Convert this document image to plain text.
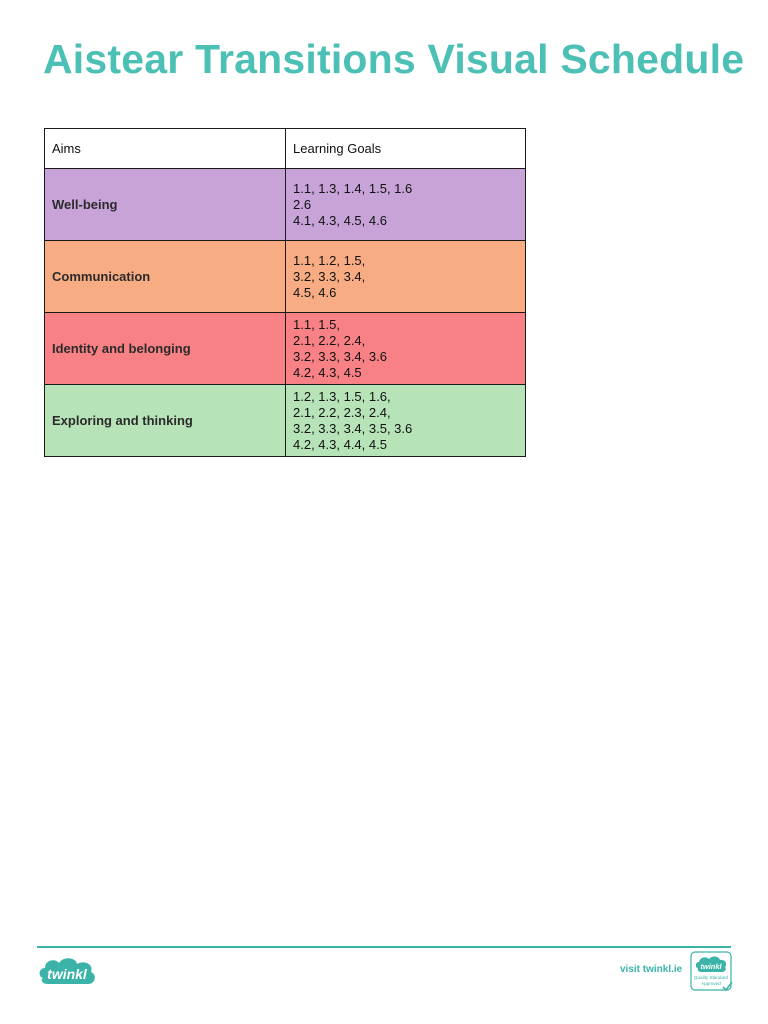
Aistear Transitions Visual Schedule
Aims	Learning Goals
Well-being	1.1, 1.3, 1.4, 1.5, 1.6
2.6
4.1, 4.3, 4.5, 4.6

Communication	1.1, 1.2, 1.5,
3.2, 3.3, 3.4,
4.5, 4.6

Identity and belonging	1.1, 1.5,
2.1, 2.2, 2.4,
3.2, 3.3, 3.4, 3.6
4.2, 4.3, 4.5

Exploring and thinking	1.2, 1.3, 1.5, 1.6,
2.1, 2.2, 2.3, 2.4,
3.2, 3.3, 3.4, 3.5, 3.6
4.2, 4.3, 4.4, 4.5
twinkl	visit twinkl.ie twinkl
Quality Standard
Approved
